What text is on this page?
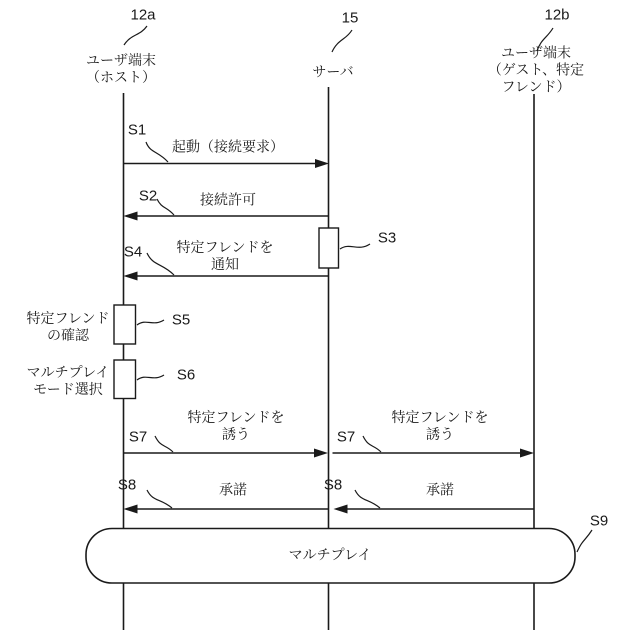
12a	15	12b
ユーザ端末
（ホスト）	サーバ
ユーザ端末
（ゲスト、特定フレンド）
S1
起動（接続要求）
S2	接続許可
S3
S4 特定フレンドを
通知
S5
特定フレンド
の確認
S6
マルチプレイ
モード選択
S7
特定フレンドを
誘う	S7
特定フレンドを
誘う
S8	承諾	S8	承諾
S9
マルチプレイ
